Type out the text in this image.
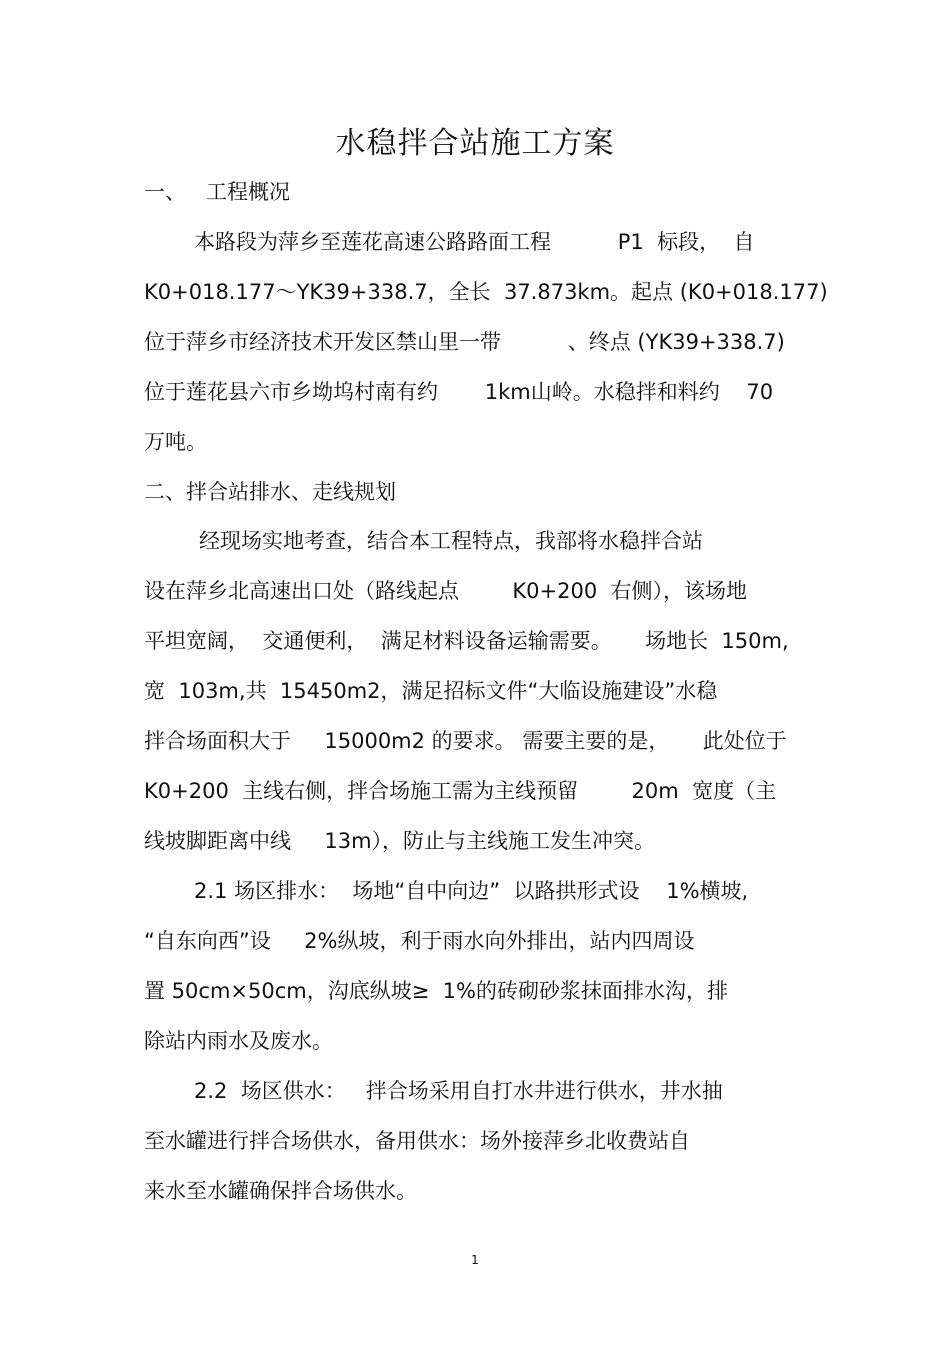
水稳拌合站施工方案

一、   工程概况

本路段为萍乡至莲花高速公路路面工程          P1  标段，  自

K0+018.177～YK39+338.7，全长  37.873km。起点 (K0+018.177)

位于萍乡市经济技术开发区禁山里一带          、终点 (YK39+338.7)

位于莲花县六市乡坳坞村南有约       1km山岭。水稳拌和料约    70

万吨。

二、拌合站排水、走线规划

经现场实地考查，结合本工程特点，我部将水稳拌合站

设在萍乡北高速出口处（路线起点        K0+200  右侧），该场地

平坦宽阔，  交通便利，  满足材料设备运输需要。     场地长  150m,

宽  103m,共  15450m2，满足招标文件“大临设施建设”水稳

拌合场面积大于     15000m2 的要求。 需要主要的是，     此处位于

K0+200  主线右侧，拌合场施工需为主线预留        20m  宽度（主

线坡脚距离中线     13m），防止与主线施工发生冲突。

2.1 场区排水：  场地“自中向边”  以路拱形式设    1%横坡,

“自东向西”设     2%纵坡，利于雨水向外排出，站内四周设

置 50cm×50cm，沟底纵坡≥  1%的砖砌砂浆抹面排水沟，排

除站内雨水及废水。

2.2  场区供水：   拌合场采用自打水井进行供水，井水抽

至水罐进行拌合场供水，备用供水：场外接萍乡北收费站自

来水至水罐确保拌合场供水。

1
